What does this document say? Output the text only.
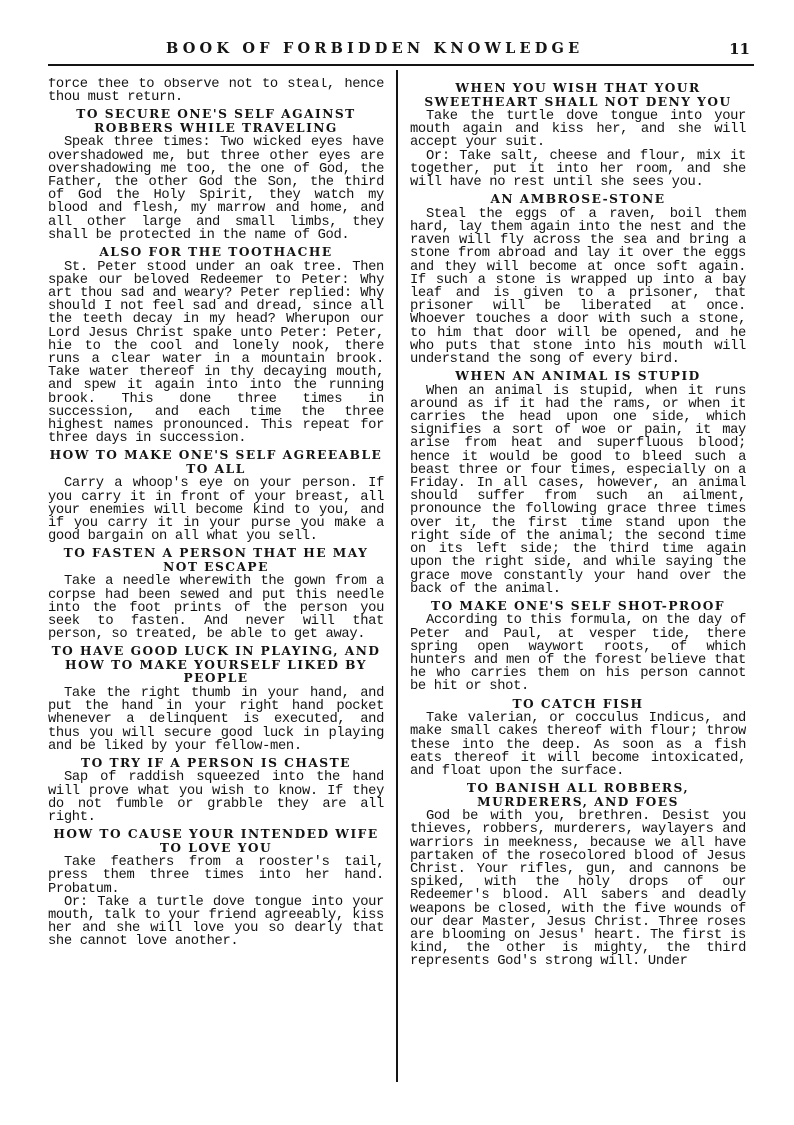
BOOK OF FORBIDDEN KNOWLEDGE	11

force thee to observe not to steal, hence thou must return.

TO SECURE ONE'S SELF AGAINST ROBBERS WHILE TRAVELING

Speak three times: Two wicked eyes have overshadowed me, but three other eyes are overshadowing me too, the one of God, the Father, the other God the Son, the third of God the Holy Spirit, they watch my blood and flesh, my marrow and home, and all other large and small limbs, they shall be protected in the name of God.

ALSO FOR THE TOOTHACHE

St. Peter stood under an oak tree. Then spake our beloved Redeemer to Peter: Why art thou sad and weary? Peter replied: Why should I not feel sad and dread, since all the teeth decay in my head? Wherupon our Lord Jesus Christ spake unto Peter: Peter, hie to the cool and lonely nook, there runs a clear water in a mountain brook. Take water thereof in thy decaying mouth, and spew it again into into the running brook. This done three times in succession, and each time the three highest names pronounced. This repeat for three days in succession.

HOW TO MAKE ONE'S SELF AGREEABLE TO ALL

Carry a whoop's eye on your person. If you carry it in front of your breast, all your enemies will become kind to you, and if you carry it in your purse you make a good bargain on all what you sell.

TO FASTEN A PERSON THAT HE MAY NOT ESCAPE

Take a needle wherewith the gown from a corpse had been sewed and put this needle into the foot prints of the person you seek to fasten. And never will that person, so treated, be able to get away.

TO HAVE GOOD LUCK IN PLAYING, AND HOW TO MAKE YOURSELF LIKED BY PEOPLE

Take the right thumb in your hand, and put the hand in your right hand pocket whenever a delinquent is executed, and thus you will secure good luck in playing and be liked by your fellow-men.

TO TRY IF A PERSON IS CHASTE

Sap of raddish squeezed into the hand will prove what you wish to know. If they do not fumble or grabble they are all right.

HOW TO CAUSE YOUR INTENDED WIFE TO LOVE YOU

Take feathers from a rooster's tail, press them three times into her hand. Probatum.

Or: Take a turtle dove tongue into your mouth, talk to your friend agreeably, kiss her and she will love you so dearly that she cannot love another.

WHEN YOU WISH THAT YOUR SWEETHEART SHALL NOT DENY YOU

Take the turtle dove tongue into your mouth again and kiss her, and she will accept your suit.

Or: Take salt, cheese and flour, mix it together, put it into her room, and she will have no rest until she sees you.

AN AMBROSE-STONE

Steal the eggs of a raven, boil them hard, lay them again into the nest and the raven will fly across the sea and bring a stone from abroad and lay it over the eggs and they will become at once soft again. If such a stone is wrapped up into a bay leaf and is given to a prisoner, that prisoner will be liberated at once. Whoever touches a door with such a stone, to him that door will be opened, and he who puts that stone into his mouth will understand the song of every bird.

WHEN AN ANIMAL IS STUPID

When an animal is stupid, when it runs around as if it had the rams, or when it carries the head upon one side, which signifies a sort of woe or pain, it may arise from heat and superfluous blood; hence it would be good to bleed such a beast three or four times, especially on a Friday. In all cases, however, an animal should suffer from such an ailment, pronounce the following grace three times over it, the first time stand upon the right side of the animal; the second time on its left side; the third time again upon the right side, and while saying the grace move constantly your hand over the back of the animal.

TO MAKE ONE'S SELF SHOT-PROOF

According to this formula, on the day of Peter and Paul, at vesper tide, there spring open waywort roots, of which hunters and men of the forest believe that he who carries them on his person cannot be hit or shot.

TO CATCH FISH

Take valerian, or cocculus Indicus, and make small cakes thereof with flour; throw these into the deep. As soon as a fish eats thereof it will become intoxicated, and float upon the surface.

TO BANISH ALL ROBBERS, MURDERERS, AND FOES

God be with you, brethren. Desist you thieves, robbers, murderers, waylayers and warriors in meekness, because we all have partaken of the rosecolored blood of Jesus Christ. Your rifles, gun, and cannons be spiked, with the holy drops of our Redeemer's blood. All sabers and deadly weapons be closed, with the five wounds of our dear Master, Jesus Christ. Three roses are blooming on Jesus' heart. The first is kind, the other is mighty, the third represents God's strong will. Under
